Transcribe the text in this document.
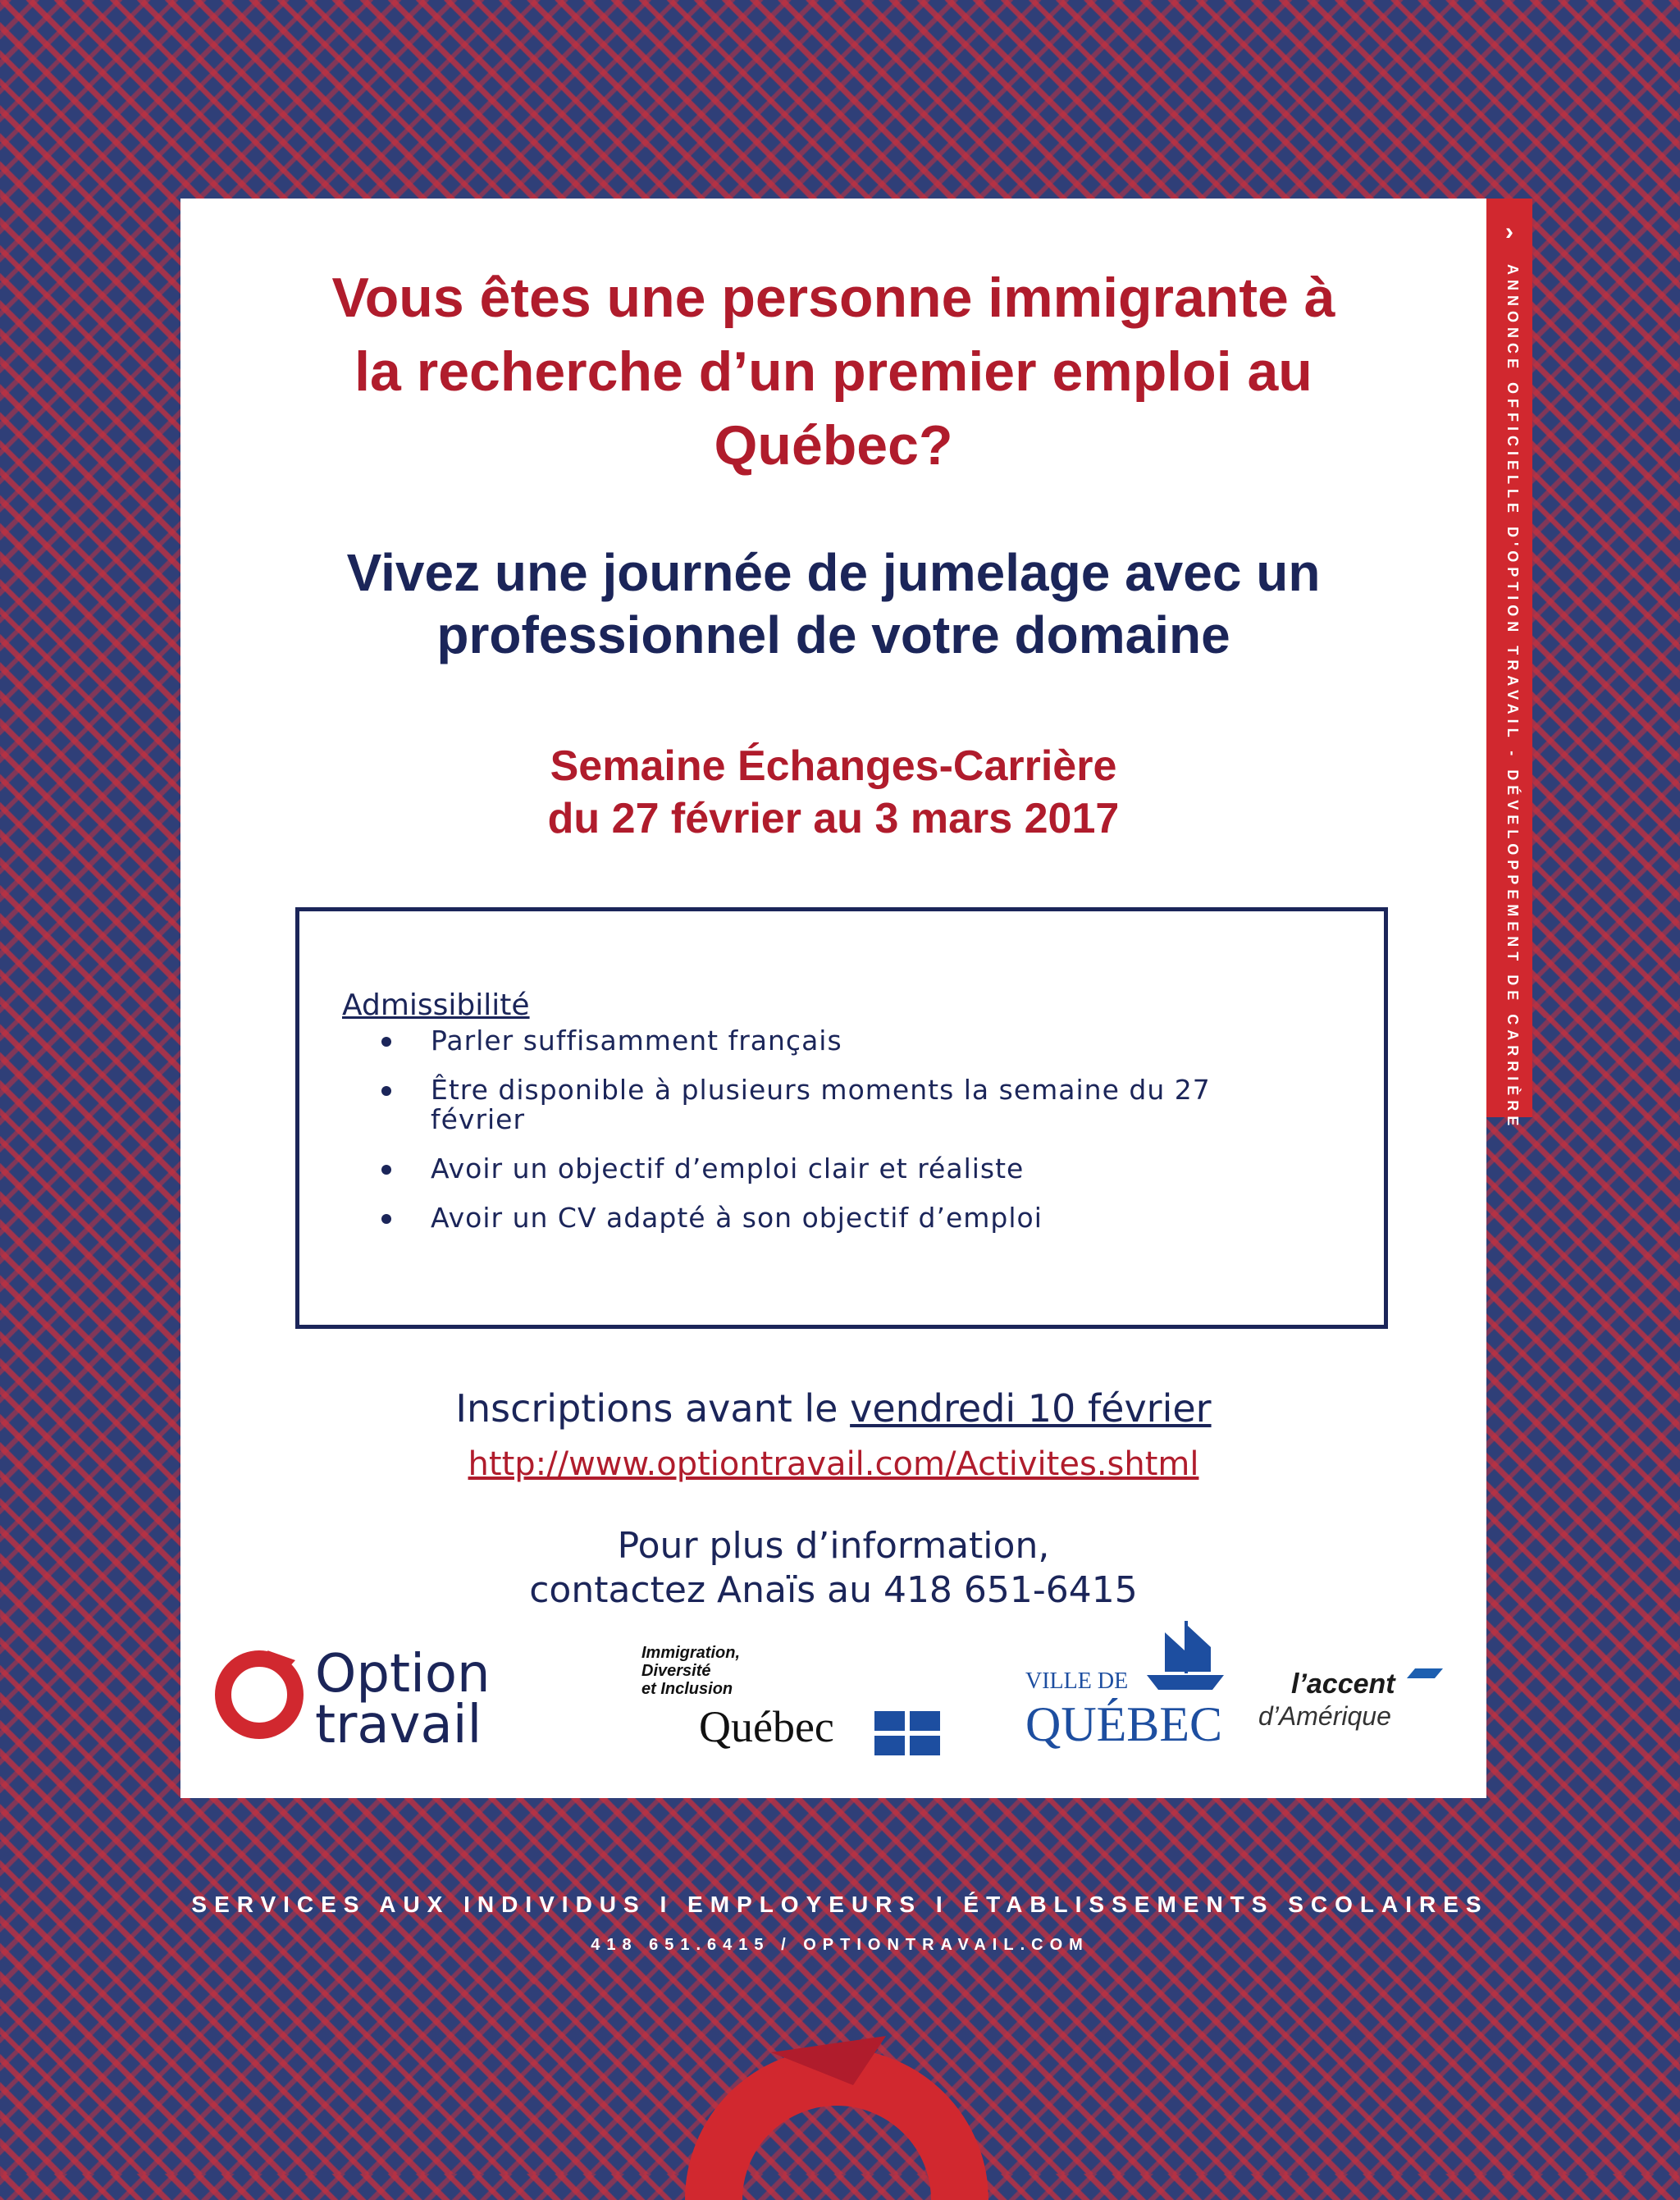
›
ANNONCE OFFICIELLE D'OPTION TRAVAIL - DÉVELOPPEMENT DE CARRIÈRE
Vous êtes une personne immigrante à
la recherche d’un premier emploi au
Québec?
Vivez une journée de jumelage avec un
professionnel de votre domaine
Semaine Échanges-Carrière
du 27 février au 3 mars 2017
Admissibilité
Parler suffisamment français
Être disponible à plusieurs moments la semaine du 27 février
Avoir un objectif d’emploi clair et réaliste
Avoir un CV adapté à son objectif d’emploi
Inscriptions avant le vendredi 10 février
http://www.optiontravail.com/Activites.shtml
Pour plus d’information,
contactez Anaïs au 418 651-6415
Option
travail
Immigration,
Diversité
et Inclusion
Québec
VILLE DE
QUÉBEC
l’accent
d’Amérique
SERVICES AUX INDIVIDUS I EMPLOYEURS I ÉTABLISSEMENTS SCOLAIRES
418 651.6415 / OPTIONTRAVAIL.COM
